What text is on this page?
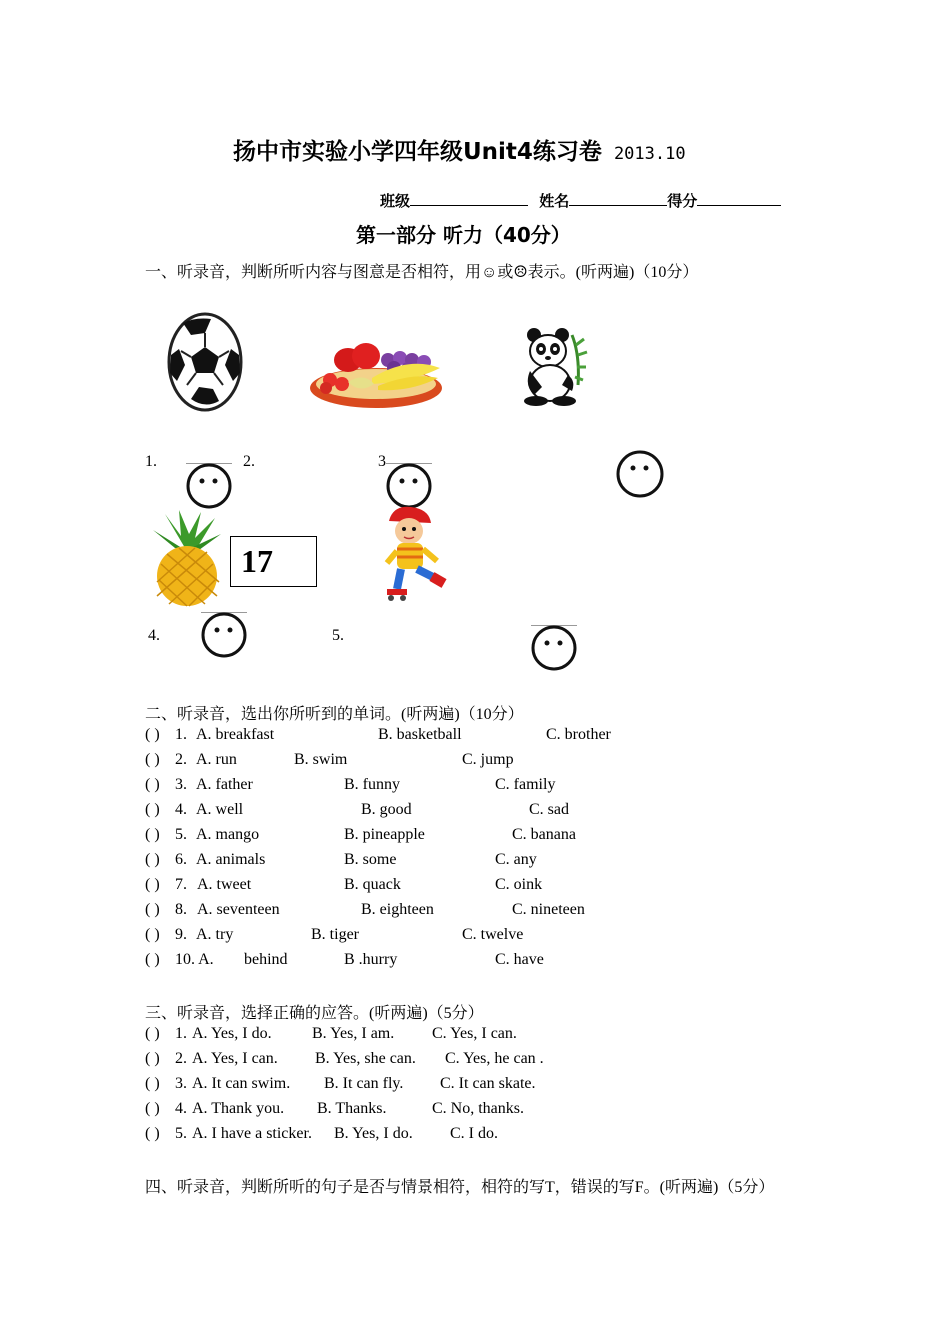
扬中市实验小学四年级Unit4练习卷 2013.10
班级	姓名	得分
第一部分 听力（40分）
一、听录音，判断所听内容与图意是否相符，用☺或☹表示。(听两遍)（10分）
1.	2.	3
17
4.	5.
二、听录音，选出你所听到的单词。(听两遍)（10分）
( ) 1. A. breakfast	B. basketball	C. brother
( ) 2. A. run	B. swim	C. jump
( ) 3. A. father	B. funny	C. family
( ) 4. A. well	B. good	C. sad
( ) 5. A. mango	B. pineapple	C. banana
( ) 6. A. animals	B. some	C. any
( ) 7. A. tweet	B. quack	C. oink
( ) 8. A. seventeen	B. eighteen	C. nineteen
( ) 9. A. try	B. tiger	C. twelve
( ) 10. A. behind	B .hurry	C. have
三、听录音，选择正确的应答。(听两遍)（5分）
( ) 1. A. Yes, I do.	B. Yes, I am. C. Yes, I can.
( ) 2. A. Yes, I can. B. Yes, she can. C. Yes, he can .
( ) 3. A. It can swim. B. It can fly. C. It can skate.
( ) 4. A. Thank you. B. Thanks.	C. No, thanks.
( ) 5. A. I have a sticker. B. Yes, I do. C. I do.
四、听录音，判断所听的句子是否与情景相符，相符的写T，错误的写F。(听两遍)（5分）
